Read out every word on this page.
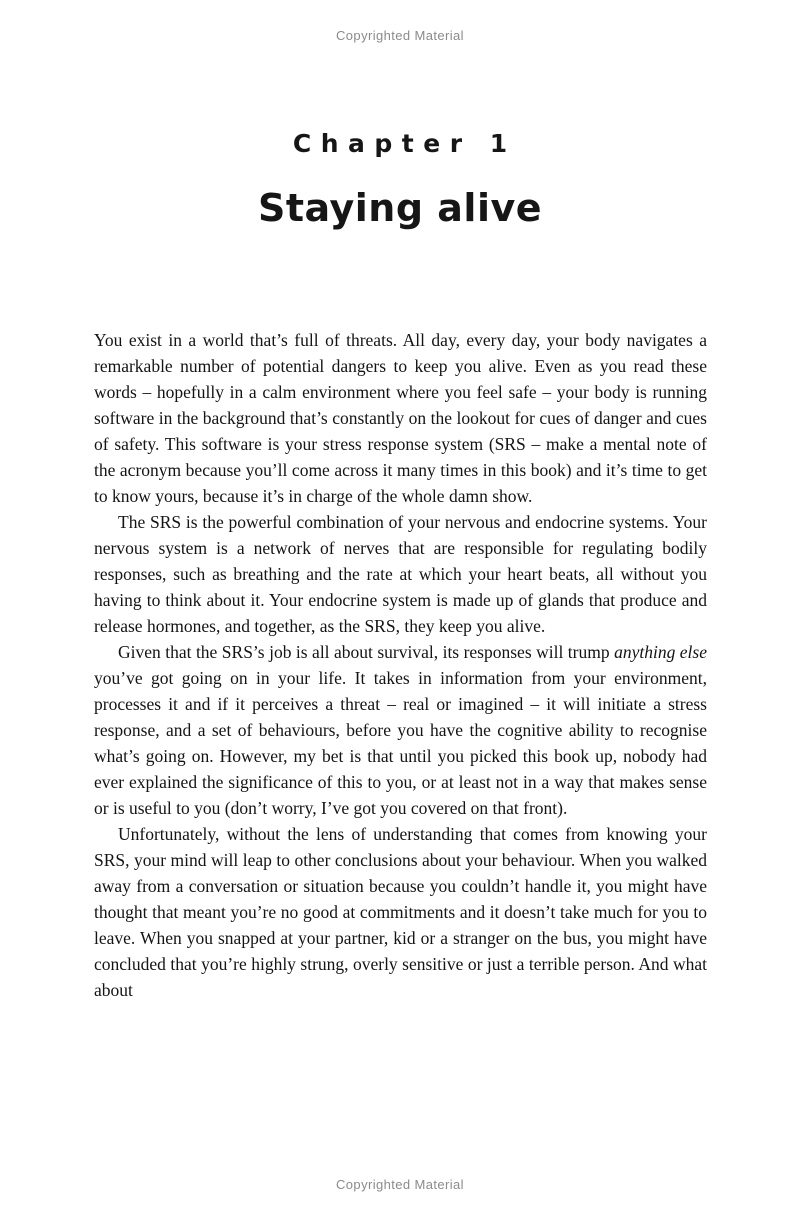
Copyrighted Material
Chapter 1
Staying alive

You exist in a world that’s full of threats. All day, every day, your body navigates a remarkable number of potential dangers to keep you alive. Even as you read these words – hopefully in a calm environment where you feel safe – your body is running software in the background that’s constantly on the lookout for cues of danger and cues of safety. This software is your stress response system (SRS – make a mental note of the acronym because you’ll come across it many times in this book) and it’s time to get to know yours, because it’s in charge of the whole damn show.

The SRS is the powerful combination of your nervous and endocrine systems. Your nervous system is a network of nerves that are responsible for regulating bodily responses, such as breathing and the rate at which your heart beats, all without you having to think about it. Your endocrine system is made up of glands that produce and release hormones, and together, as the SRS, they keep you alive.

Given that the SRS’s job is all about survival, its responses will trump anything else you’ve got going on in your life. It takes in information from your environment, processes it and if it perceives a threat – real or imagined – it will initiate a stress response, and a set of behaviours, before you have the cognitive ability to recognise what’s going on. However, my bet is that until you picked this book up, nobody had ever explained the significance of this to you, or at least not in a way that makes sense or is useful to you (don’t worry, I’ve got you covered on that front).

Unfortunately, without the lens of understanding that comes from knowing your SRS, your mind will leap to other conclusions about your behaviour. When you walked away from a conversation or situation because you couldn’t handle it, you might have thought that meant you’re no good at commitments and it doesn’t take much for you to leave. When you snapped at your partner, kid or a stranger on the bus, you might have concluded that you’re highly strung, overly sensitive or just a terrible person. And what about

Copyrighted Material
